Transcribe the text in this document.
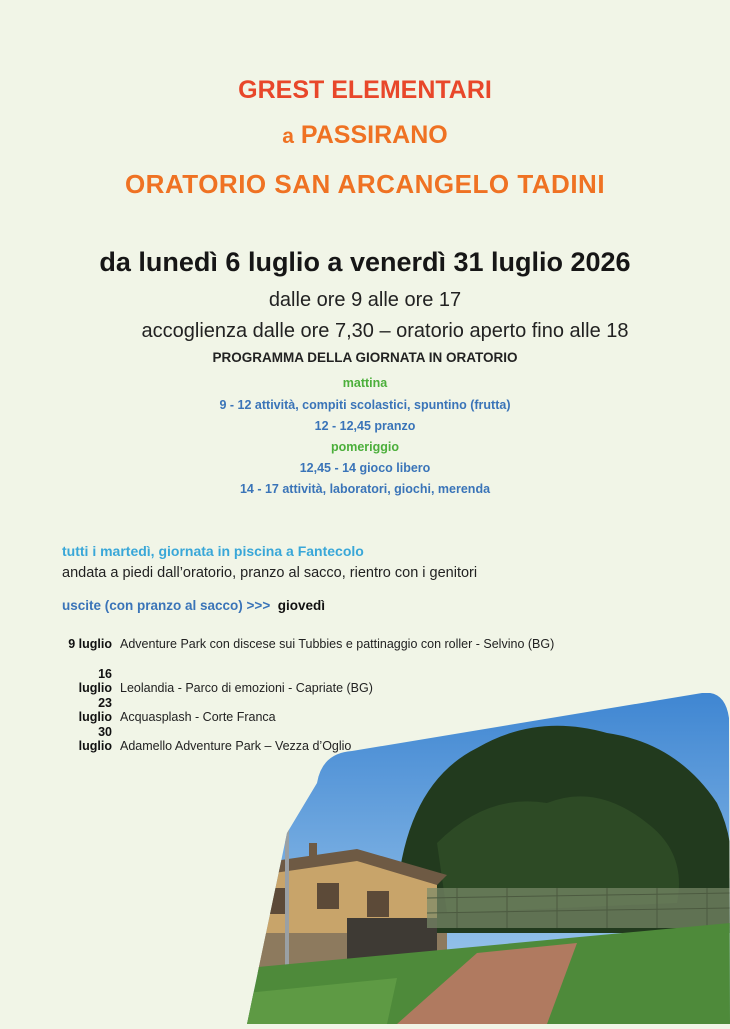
GREST ELEMENTARI
a PASSIRANO
ORATORIO SAN ARCANGELO TADINI
da lunedì 6 luglio a venerdì 31 luglio 2026
dalle ore 9 alle ore 17
accoglienza dalle ore 7,30 – oratorio aperto fino alle 18
PROGRAMMA DELLA GIORNATA IN ORATORIO
mattina
9 - 12 attività, compiti scolastici, spuntino (frutta)
12 - 12,45 pranzo
pomeriggio
12,45 - 14 gioco libero
14 - 17 attività, laboratori, giochi, merenda
tutti i martedì, giornata in piscina a Fantecolo
andata a piedi dall’oratorio, pranzo al sacco, rientro con i genitori
uscite (con pranzo al sacco) >>> giovedì
9 luglio Adventure Park con discese sui Tubbies e pattinaggio con roller - Selvino (BG)
16 luglio Leolandia - Parco di emozioni - Capriate (BG)
23 luglio Acquasplash - Corte Franca
30 luglio Adamello Adventure Park – Vezza d’Oglio
